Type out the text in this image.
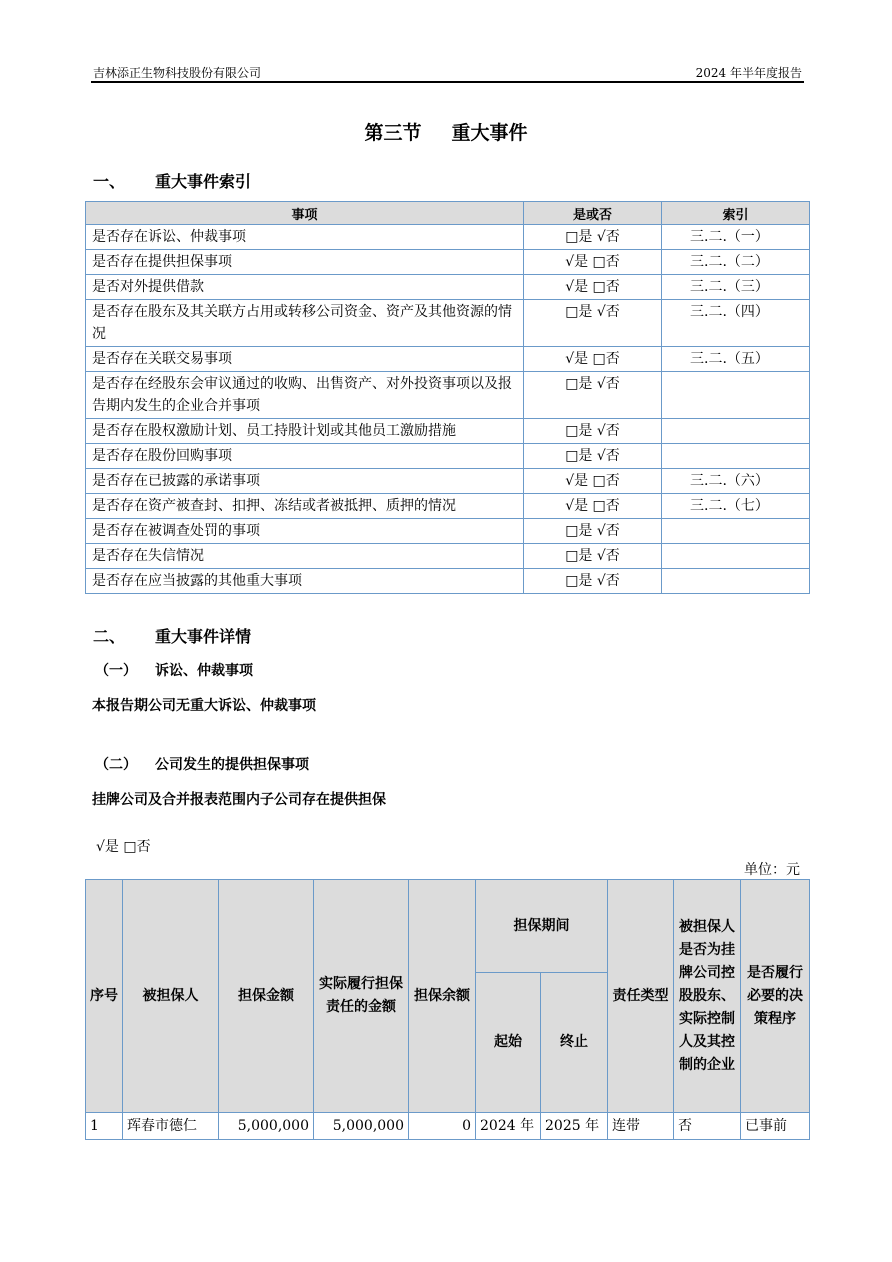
吉林添正生物科技股份有限公司	2024 年半年度报告
第三节 重大事件
一、 重大事件索引
事项	是或否	索引
是否存在诉讼、仲裁事项	□是 √否	三.二.（一）
是否存在提供担保事项	√是 □否	三.二.（二）
是否对外提供借款	√是 □否	三.二.（三）
是否存在股东及其关联方占用或转移公司资金、资产及其他资源的情况	□是 √否	三.二.（四）
是否存在关联交易事项	√是 □否	三.二.（五）
是否存在经股东会审议通过的收购、出售资产、对外投资事项以及报告期内发生的企业合并事项	□是 √否	
是否存在股权激励计划、员工持股计划或其他员工激励措施	□是 √否	
是否存在股份回购事项	□是 √否	
是否存在已披露的承诺事项	√是 □否	三.二.（六）
是否存在资产被查封、扣押、冻结或者被抵押、质押的情况	√是 □否	三.二.（七）
是否存在被调查处罚的事项	□是 √否	
是否存在失信情况	□是 √否	
是否存在应当披露的其他重大事项	□是 √否	
二、 重大事件详情
（一） 诉讼、仲裁事项
本报告期公司无重大诉讼、仲裁事项
（二） 公司发生的提供担保事项
挂牌公司及合并报表范围内子公司存在提供担保
√是 □否
单位：元
序号	被担保人	担保金额	实际履行担保责任的金额	担保余额	担保期间		责任类型	被担保人是否为挂牌公司控股股东、实际控制人及其控制的企业	是否履行必要的决策程序
					起始	终止			
1	珲春市德仁	5,000,000	5,000,000	0	2024 年	2025 年	连带	否	已事前
